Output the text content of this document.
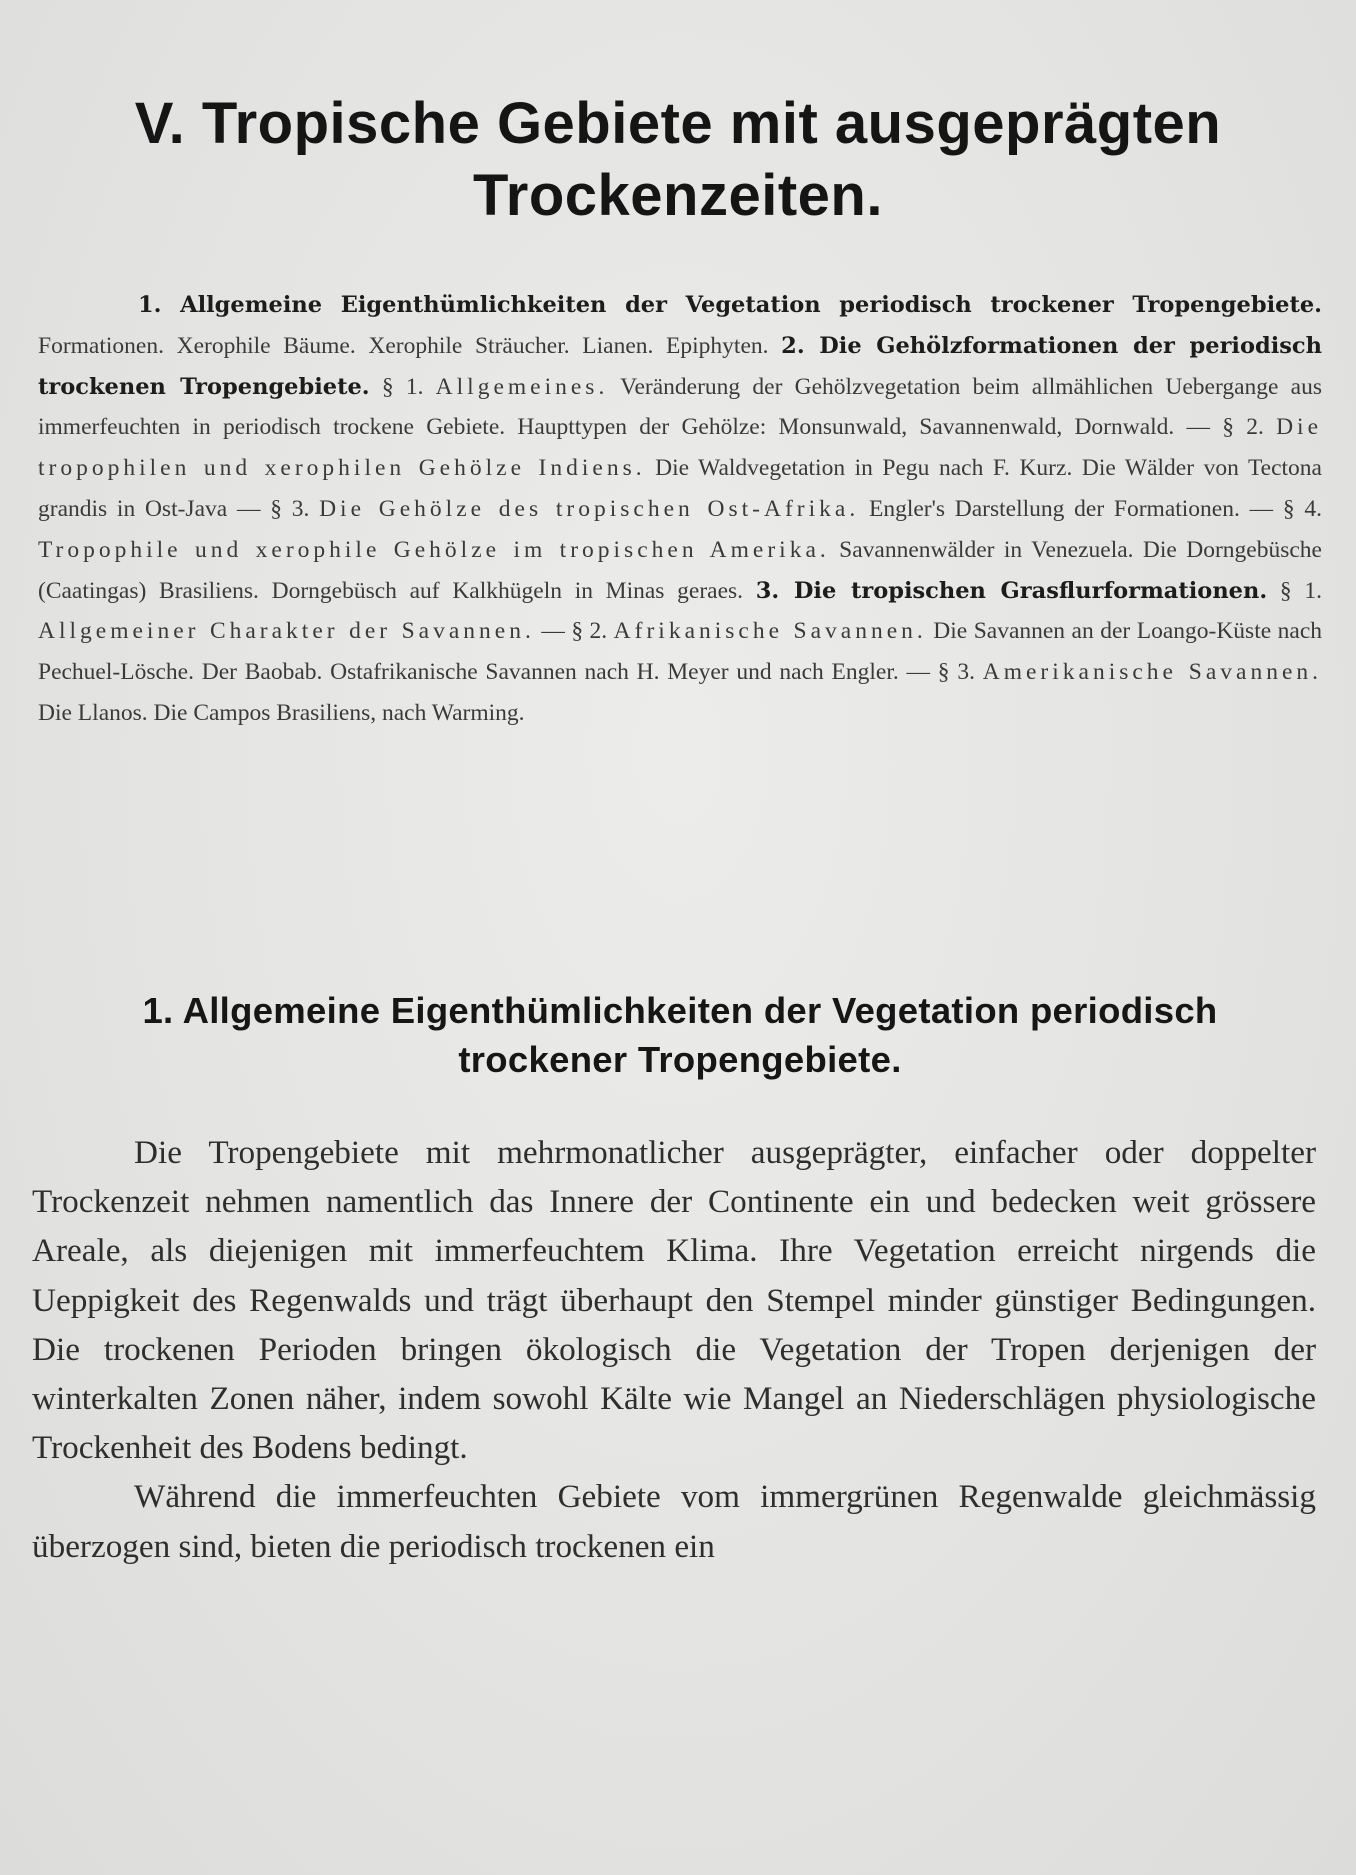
V. Tropische Gebiete mit ausgeprägten
Trockenzeiten.

1. Allgemeine Eigenthümlichkeiten der Vegetation periodisch trockener Tropengebiete. Formationen. Xerophile Bäume. Xerophile Sträucher. Lianen. Epiphyten. 2. Die Gehölzformationen der periodisch trockenen Tropengebiete. § 1. Allgemeines. Veränderung der Gehölzvegetation beim allmählichen Uebergange aus immerfeuchten in periodisch trockene Gebiete. Haupttypen der Gehölze: Monsunwald, Savannenwald, Dornwald. — § 2. Die tropophilen und xerophilen Gehölze Indiens. Die Waldvegetation in Pegu nach F. Kurz. Die Wälder von Tectona grandis in Ost-Java — § 3. Die Gehölze des tropischen Ost-Afrika. Engler's Darstellung der Formationen. — § 4. Tropophile und xerophile Gehölze im tropischen Amerika. Savannenwälder in Venezuela. Die Dorngebüsche (Caatingas) Brasiliens. Dorngebüsch auf Kalkhügeln in Minas geraes. 3. Die tropischen Grasflurformationen. § 1. Allgemeiner Charakter der Savannen. — § 2. Afrikanische Savannen. Die Savannen an der Loango-Küste nach Pechuel-Lösche. Der Baobab. Ostafrikanische Savannen nach H. Meyer und nach Engler. — § 3. Amerikanische Savannen. Die Llanos. Die Campos Brasiliens, nach Warming.

1. Allgemeine Eigenthümlichkeiten der Vegetation periodisch
trockener Tropengebiete.

Die Tropengebiete mit mehrmonatlicher ausgeprägter, einfacher oder doppelter Trockenzeit nehmen namentlich das Innere der Continente ein und bedecken weit grössere Areale, als diejenigen mit immerfeuchtem Klima. Ihre Vegetation erreicht nirgends die Ueppigkeit des Regenwalds und trägt überhaupt den Stempel minder günstiger Bedingungen. Die trockenen Perioden bringen ökologisch die Vegetation der Tropen derjenigen der winterkalten Zonen näher, indem sowohl Kälte wie Mangel an Niederschlägen physiologische Trockenheit des Bodens bedingt.

Während die immerfeuchten Gebiete vom immergrünen Regenwalde gleichmässig überzogen sind, bieten die periodisch trockenen ein
